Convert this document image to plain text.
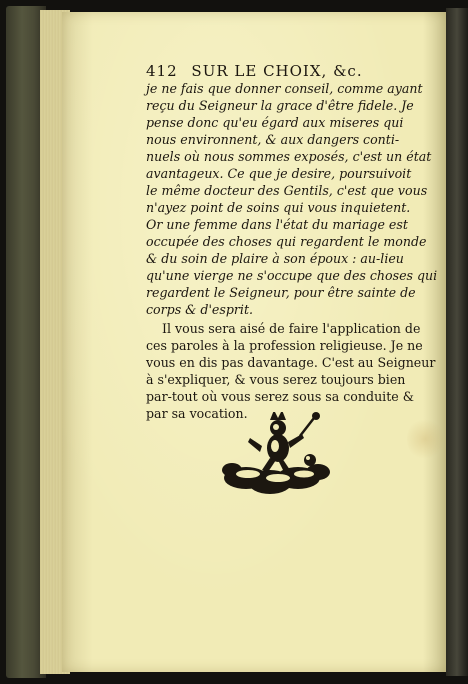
412 SUR LE CHOIX, &c.
je ne fais que donner conseil, comme ayant
reçu du Seigneur la grace d'être fidele. Je
pense donc qu'eu égard aux miseres qui
nous environnent, & aux dangers conti-
nuels où nous sommes exposés, c'est un état
avantageux. Ce que je desire, poursuivoit
le même docteur des Gentils, c'est que vous
n'ayez point de soins qui vous inquietent.
Or une femme dans l'état du mariage est
occupée des choses qui regardent le monde
& du soin de plaire à son époux : au-lieu
qu'une vierge ne s'occupe que des choses qui
regardent le Seigneur, pour être sainte de
corps & d'esprit.
Il vous sera aisé de faire l'application de
ces paroles à la profession religieuse. Je ne
vous en dis pas davantage. C'est au Seigneur
à s'expliquer, & vous serez toujours bien
par-tout où vous serez sous sa conduite &
par sa vocation.
